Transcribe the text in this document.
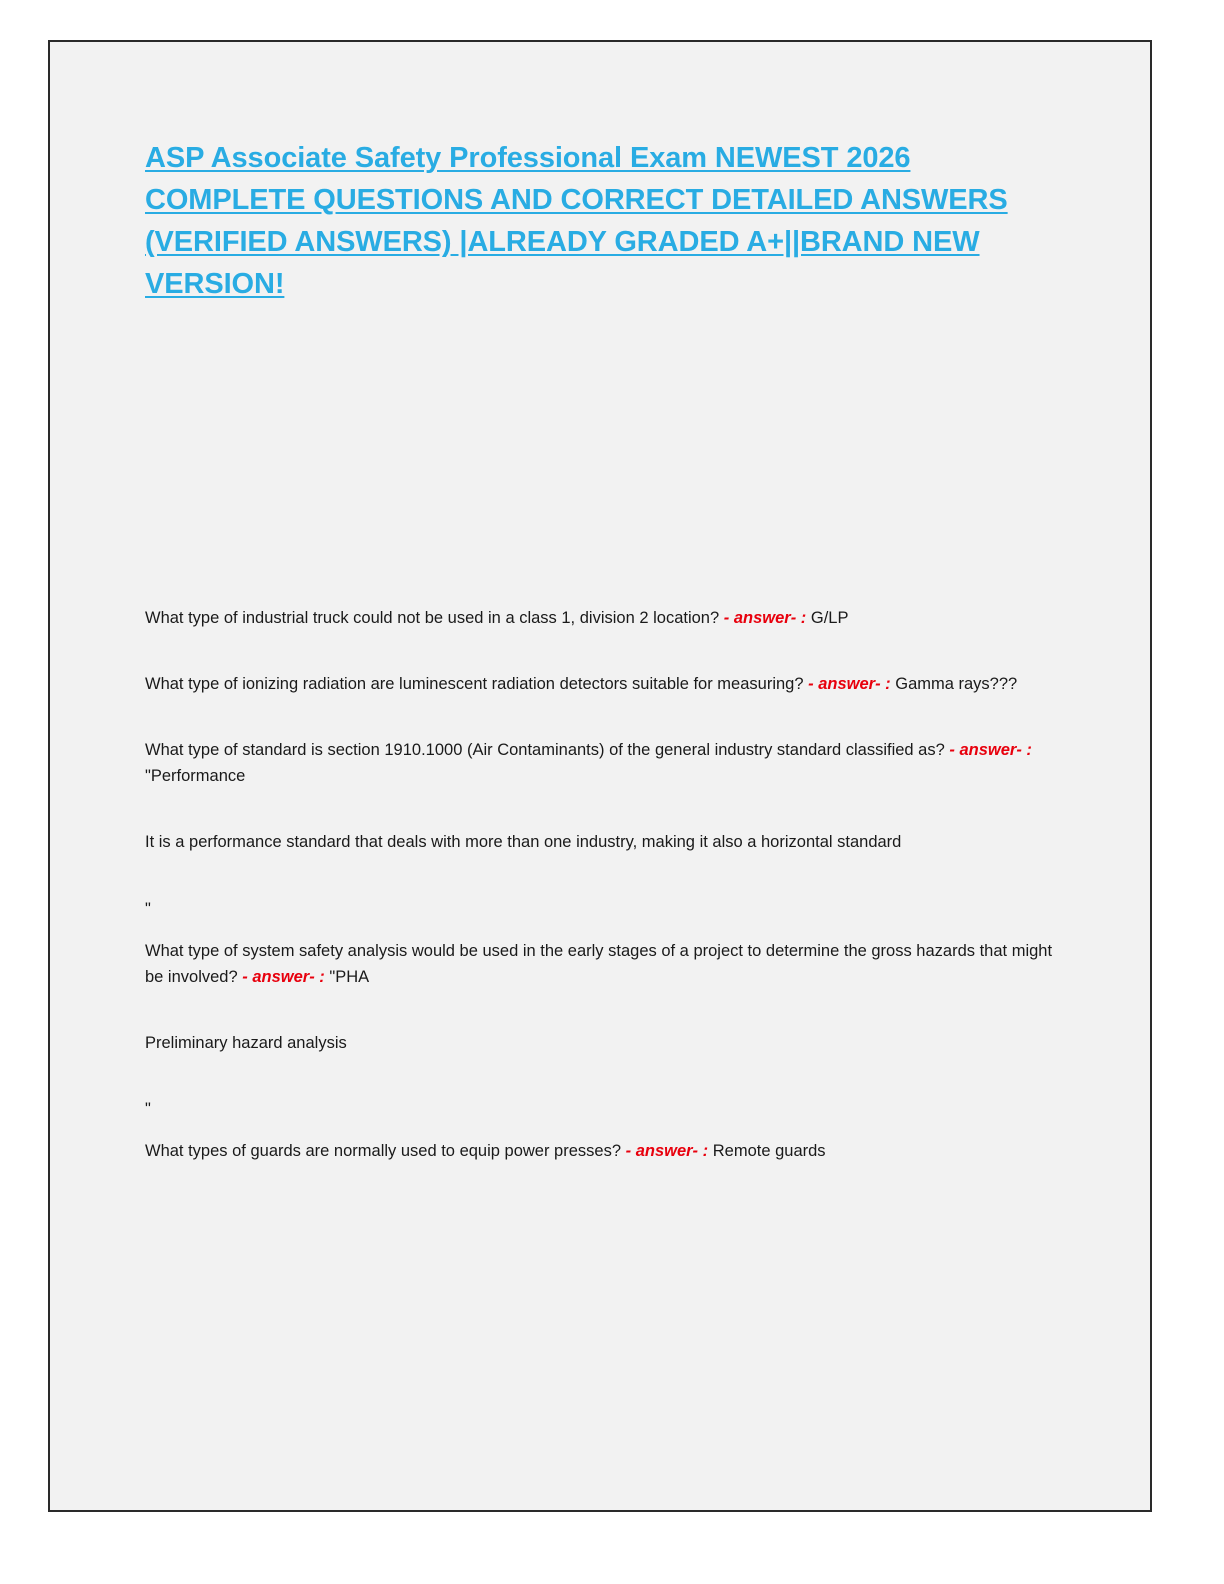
ASP Associate Safety Professional Exam NEWEST 2026 COMPLETE QUESTIONS AND CORRECT DETAILED ANSWERS (VERIFIED ANSWERS) |ALREADY GRADED A+||BRAND NEW VERSION!
What type of industrial truck could not be used in a class 1, division 2 location? - answer- : G/LP
What type of ionizing radiation are luminescent radiation detectors suitable for measuring? - answer- : Gamma rays???
What type of standard is section 1910.1000 (Air Contaminants) of the general industry standard classified as? - answer- : "Performance
It is a performance standard that deals with more than one industry, making it also a horizontal standard
"
What type of system safety analysis would be used in the early stages of a project to determine the gross hazards that might be involved? - answer- : "PHA
Preliminary hazard analysis
"
What types of guards are normally used to equip power presses? - answer- : Remote guards
